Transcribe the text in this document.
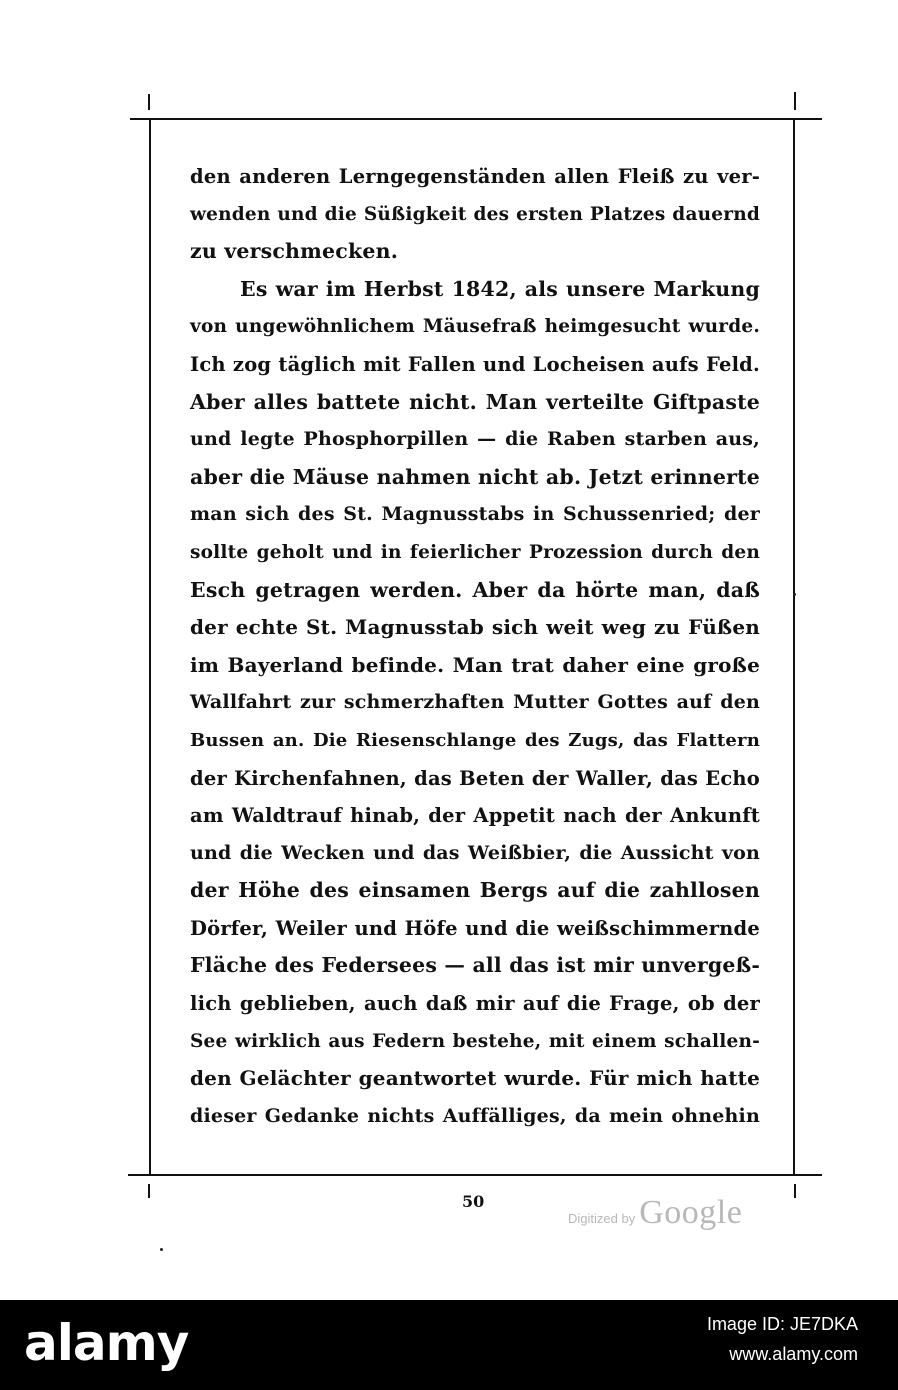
den anderen Lerngegenständen allen Fleiß zu ver-
wenden und die Süßigkeit des ersten Platzes dauernd
zu verschmecken.
Es war im Herbst 1842, als unsere Markung
von ungewöhnlichem Mäusefraß heimgesucht wurde.
Ich zog täglich mit Fallen und Locheisen aufs Feld.
Aber alles battete nicht. Man verteilte Giftpaste
und legte Phosphorpillen — die Raben starben aus,
aber die Mäuse nahmen nicht ab. Jetzt erinnerte
man sich des St. Magnusstabs in Schussenried; der
sollte geholt und in feierlicher Prozession durch den
Esch getragen werden. Aber da hörte man, daß
der echte St. Magnusstab sich weit weg zu Füßen
im Bayerland befinde. Man trat daher eine große
Wallfahrt zur schmerzhaften Mutter Gottes auf den
Bussen an. Die Riesenschlange des Zugs, das Flattern
der Kirchenfahnen, das Beten der Waller, das Echo
am Waldtrauf hinab, der Appetit nach der Ankunft
und die Wecken und das Weißbier, die Aussicht von
der Höhe des einsamen Bergs auf die zahllosen
Dörfer, Weiler und Höfe und die weißschimmernde
Fläche des Federsees — all das ist mir unvergeß-
lich geblieben, auch daß mir auf die Frage, ob der
See wirklich aus Federn bestehe, mit einem schallen-
den Gelächter geantwortet wurde. Für mich hatte
dieser Gedanke nichts Auffälliges, da mein ohnehin
50
Digitized by Google
alamy	Image ID: JE7DKA
www.alamy.com
